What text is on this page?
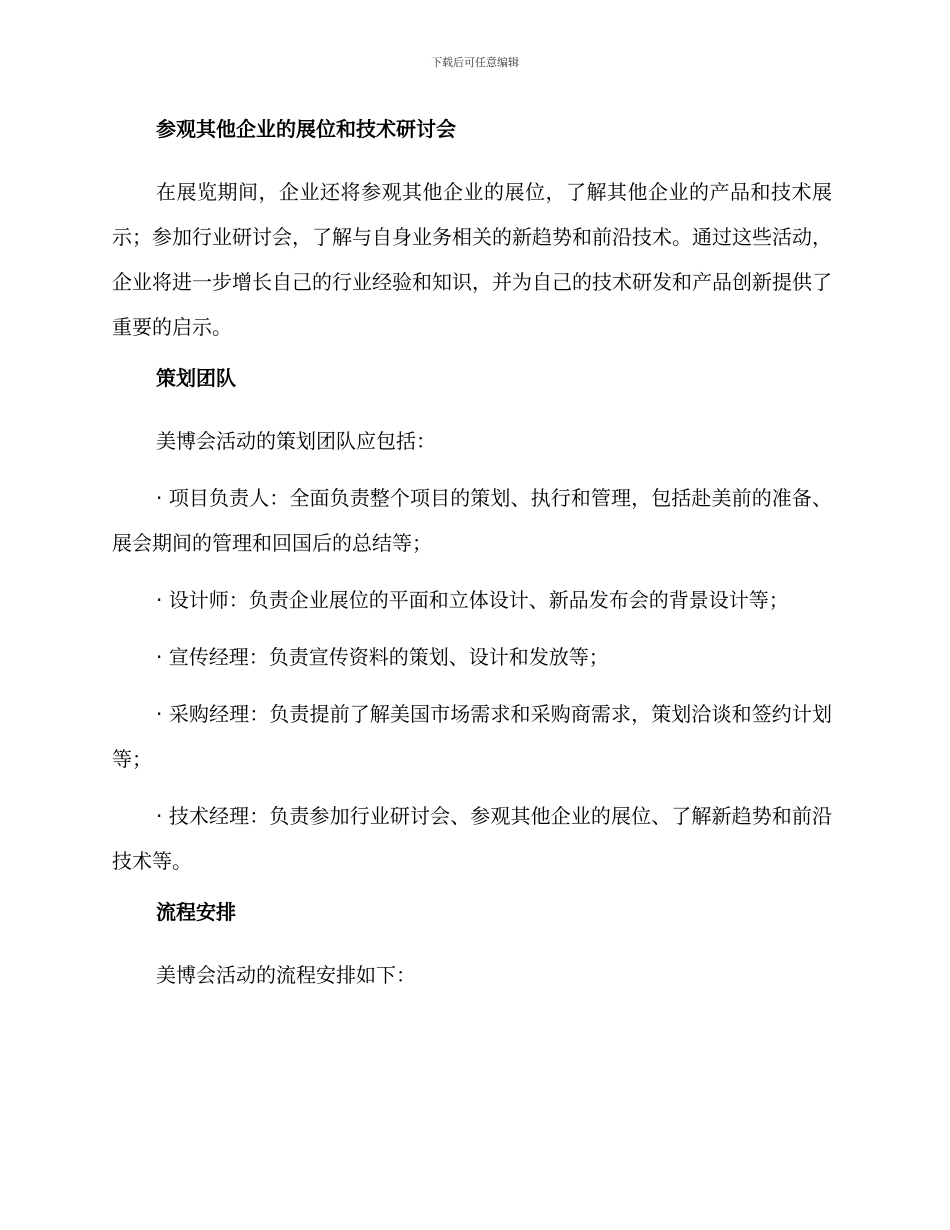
下载后可任意编辑
参观其他企业的展位和技术研讨会

在展览期间，企业还将参观其他企业的展位，了解其他企业的产品和技术展示；参加行业研讨会，了解与自身业务相关的新趋势和前沿技术。通过这些活动，企业将进一步增长自己的行业经验和知识，并为自己的技术研发和产品创新提供了重要的启示。

策划团队

美博会活动的策划团队应包括：

· 项目负责人：全面负责整个项目的策划、执行和管理，包括赴美前的准备、展会期间的管理和回国后的总结等；

· 设计师：负责企业展位的平面和立体设计、新品发布会的背景设计等；

· 宣传经理：负责宣传资料的策划、设计和发放等；

· 采购经理：负责提前了解美国市场需求和采购商需求，策划洽谈和签约计划等；

· 技术经理：负责参加行业研讨会、参观其他企业的展位、了解新趋势和前沿技术等。

流程安排

美博会活动的流程安排如下：
